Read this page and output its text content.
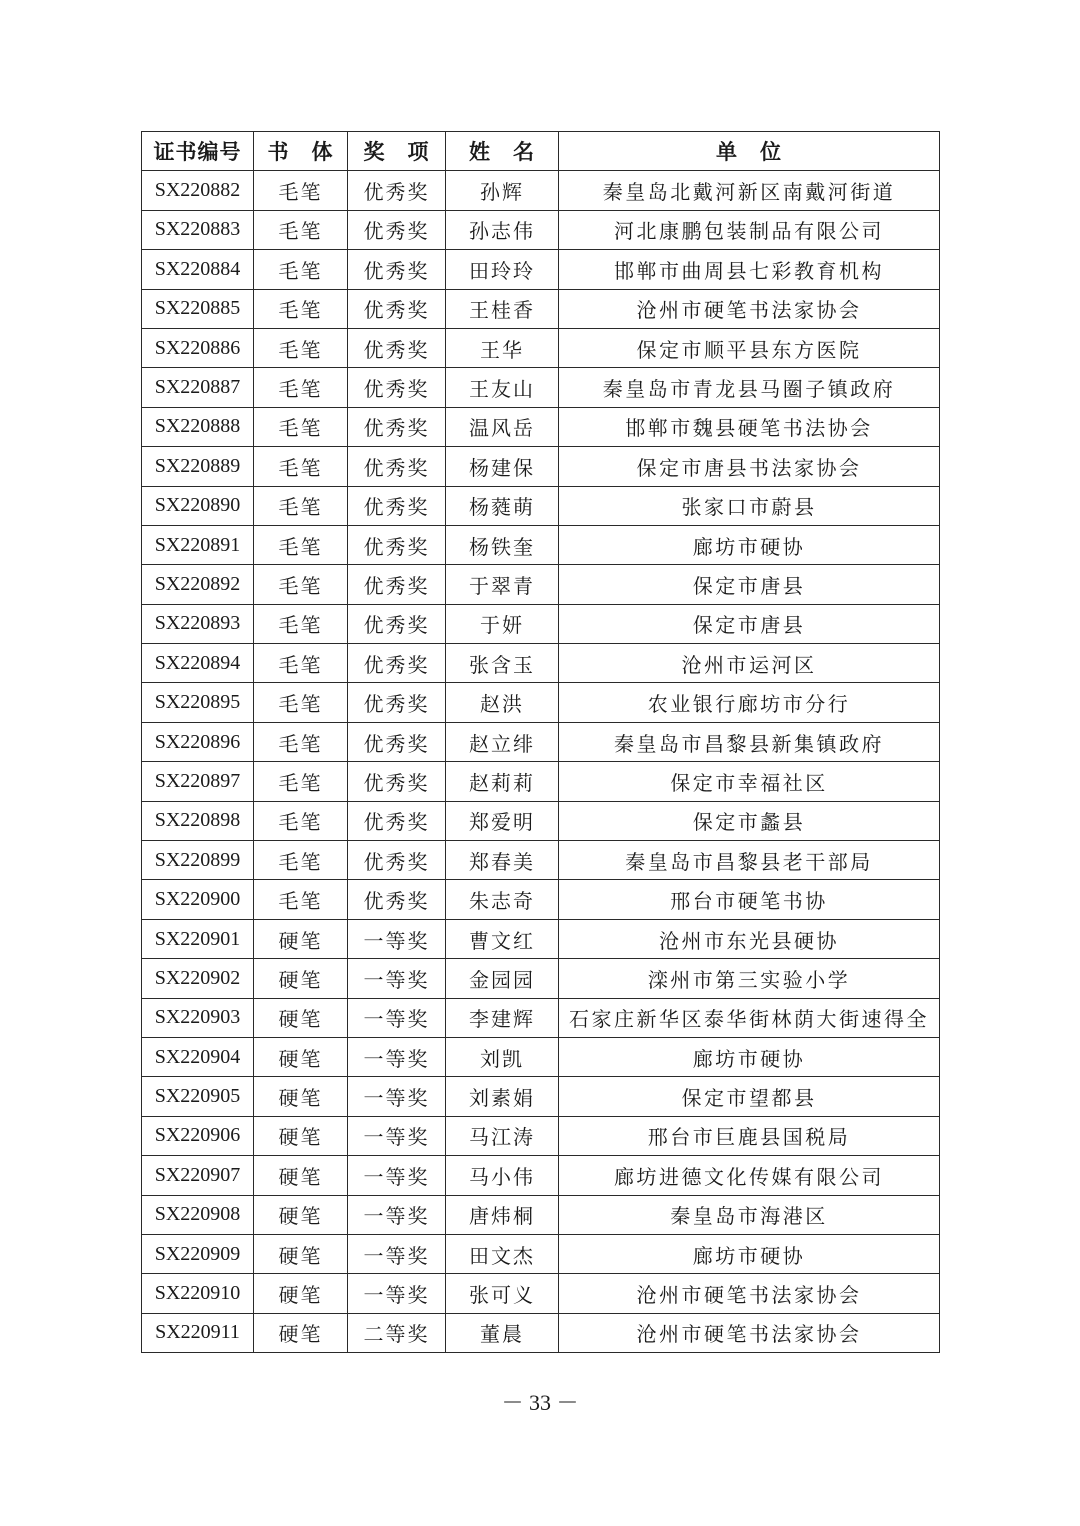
证书编号	书　体	奖　项	姓　名	单　位
SX220882	毛笔	优秀奖	孙辉	秦皇岛北戴河新区南戴河街道
SX220883	毛笔	优秀奖	孙志伟	河北康鹏包装制品有限公司
SX220884	毛笔	优秀奖	田玲玲	邯郸市曲周县七彩教育机构
SX220885	毛笔	优秀奖	王桂香	沧州市硬笔书法家协会
SX220886	毛笔	优秀奖	王华	保定市顺平县东方医院
SX220887	毛笔	优秀奖	王友山	秦皇岛市青龙县马圈子镇政府
SX220888	毛笔	优秀奖	温风岳	邯郸市魏县硬笔书法协会
SX220889	毛笔	优秀奖	杨建保	保定市唐县书法家协会
SX220890	毛笔	优秀奖	杨蕤萌	张家口市蔚县
SX220891	毛笔	优秀奖	杨铁奎	廊坊市硬协
SX220892	毛笔	优秀奖	于翠青	保定市唐县
SX220893	毛笔	优秀奖	于妍	保定市唐县
SX220894	毛笔	优秀奖	张含玉	沧州市运河区
SX220895	毛笔	优秀奖	赵洪	农业银行廊坊市分行
SX220896	毛笔	优秀奖	赵立绯	秦皇岛市昌黎县新集镇政府
SX220897	毛笔	优秀奖	赵莉莉	保定市幸福社区
SX220898	毛笔	优秀奖	郑爱明	保定市蠡县
SX220899	毛笔	优秀奖	郑春美	秦皇岛市昌黎县老干部局
SX220900	毛笔	优秀奖	朱志奇	邢台市硬笔书协
SX220901	硬笔	一等奖	曹文红	沧州市东光县硬协
SX220902	硬笔	一等奖	金园园	滦州市第三实验小学
SX220903	硬笔	一等奖	李建辉	石家庄新华区泰华街林荫大街速得全
SX220904	硬笔	一等奖	刘凯	廊坊市硬协
SX220905	硬笔	一等奖	刘素娟	保定市望都县
SX220906	硬笔	一等奖	马江涛	邢台市巨鹿县国税局
SX220907	硬笔	一等奖	马小伟	廊坊进德文化传媒有限公司
SX220908	硬笔	一等奖	唐炜桐	秦皇岛市海港区
SX220909	硬笔	一等奖	田文杰	廊坊市硬协
SX220910	硬笔	一等奖	张可义	沧州市硬笔书法家协会
SX220911	硬笔	二等奖	董晨	沧州市硬笔书法家协会
－ 33 －
